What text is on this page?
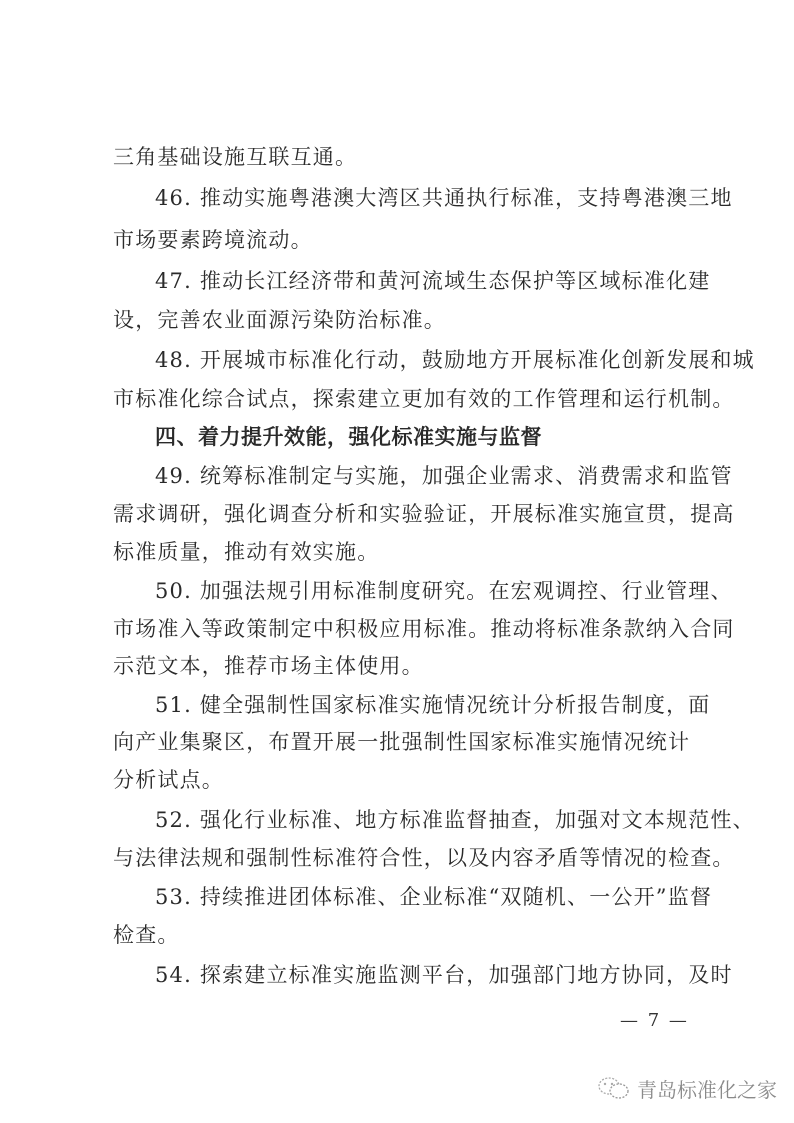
三角基础设施互联互通。
46. 推动实施粤港澳大湾区共通执行标准，支持粤港澳三地
市场要素跨境流动。
47. 推动长江经济带和黄河流域生态保护等区域标准化建
设，完善农业面源污染防治标准。
48. 开展城市标准化行动，鼓励地方开展标准化创新发展和城
市标准化综合试点，探索建立更加有效的工作管理和运行机制。
四、着力提升效能，强化标准实施与监督
49. 统筹标准制定与实施，加强企业需求、消费需求和监管
需求调研，强化调查分析和实验验证，开展标准实施宣贯，提高
标准质量，推动有效实施。
50. 加强法规引用标准制度研究。在宏观调控、行业管理、
市场准入等政策制定中积极应用标准。推动将标准条款纳入合同
示范文本，推荐市场主体使用。
51. 健全强制性国家标准实施情况统计分析报告制度，面
向产业集聚区，布置开展一批强制性国家标准实施情况统计
分析试点。
52. 强化行业标准、地方标准监督抽查，加强对文本规范性、
与法律法规和强制性标准符合性，以及内容矛盾等情况的检查。
53. 持续推进团体标准、企业标准“双随机、一公开”监督
检查。
54. 探索建立标准实施监测平台，加强部门地方协同，及时
— 7 —
青岛标准化之家
